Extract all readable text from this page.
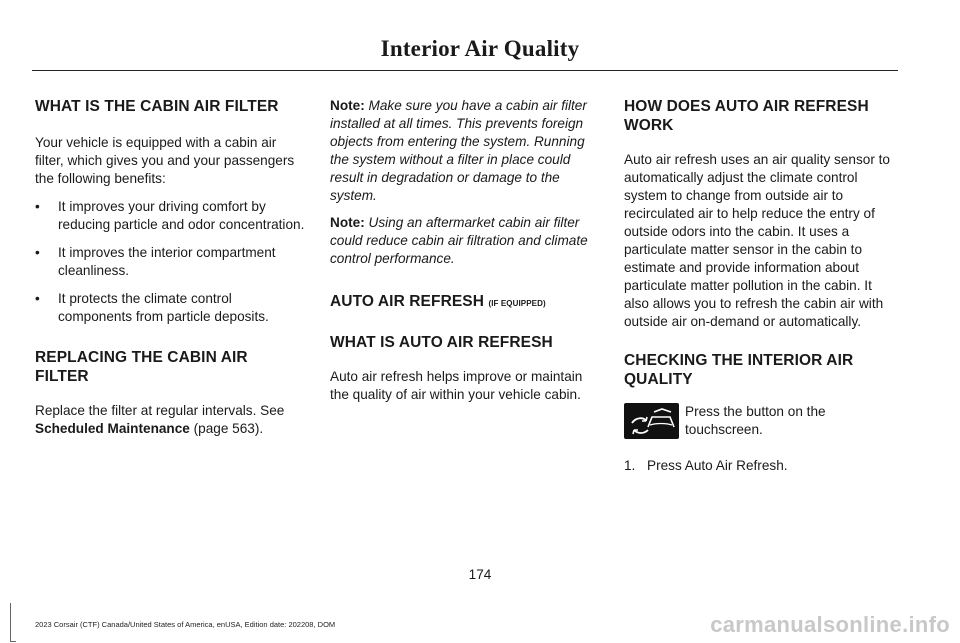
Interior Air Quality
WHAT IS THE CABIN AIR FILTER

Your vehicle is equipped with a cabin air filter, which gives you and your passengers the following benefits:

• It improves your driving comfort by reducing particle and odor concentration.
• It improves the interior compartment cleanliness.
• It protects the climate control components from particle deposits.
REPLACING THE CABIN AIR FILTER

Replace the filter at regular intervals. See Scheduled Maintenance (page 563).

Note: Make sure you have a cabin air filter installed at all times. This prevents foreign objects from entering the system. Running the system without a filter in place could result in degradation or damage to the system.

Note: Using an aftermarket cabin air filter could reduce cabin air filtration and climate control performance.

AUTO AIR REFRESH (IF EQUIPPED)
WHAT IS AUTO AIR REFRESH

Auto air refresh helps improve or maintain the quality of air within your vehicle cabin.

HOW DOES AUTO AIR REFRESH WORK

Auto air refresh uses an air quality sensor to automatically adjust the climate control system to change from outside air to recirculated air to help reduce the entry of outside odors into the cabin. It uses a particulate matter sensor in the cabin to estimate and provide information about particulate matter pollution in the cabin. It also allows you to refresh the cabin air with outside air on-demand or automatically.

CHECKING THE INTERIOR AIR QUALITY
Press the button on the touchscreen.
1. Press Auto Air Refresh.
174
2023 Corsair (CTF) Canada/United States of America, enUSA, Edition date: 202208, DOM	carmanualsonline.info
